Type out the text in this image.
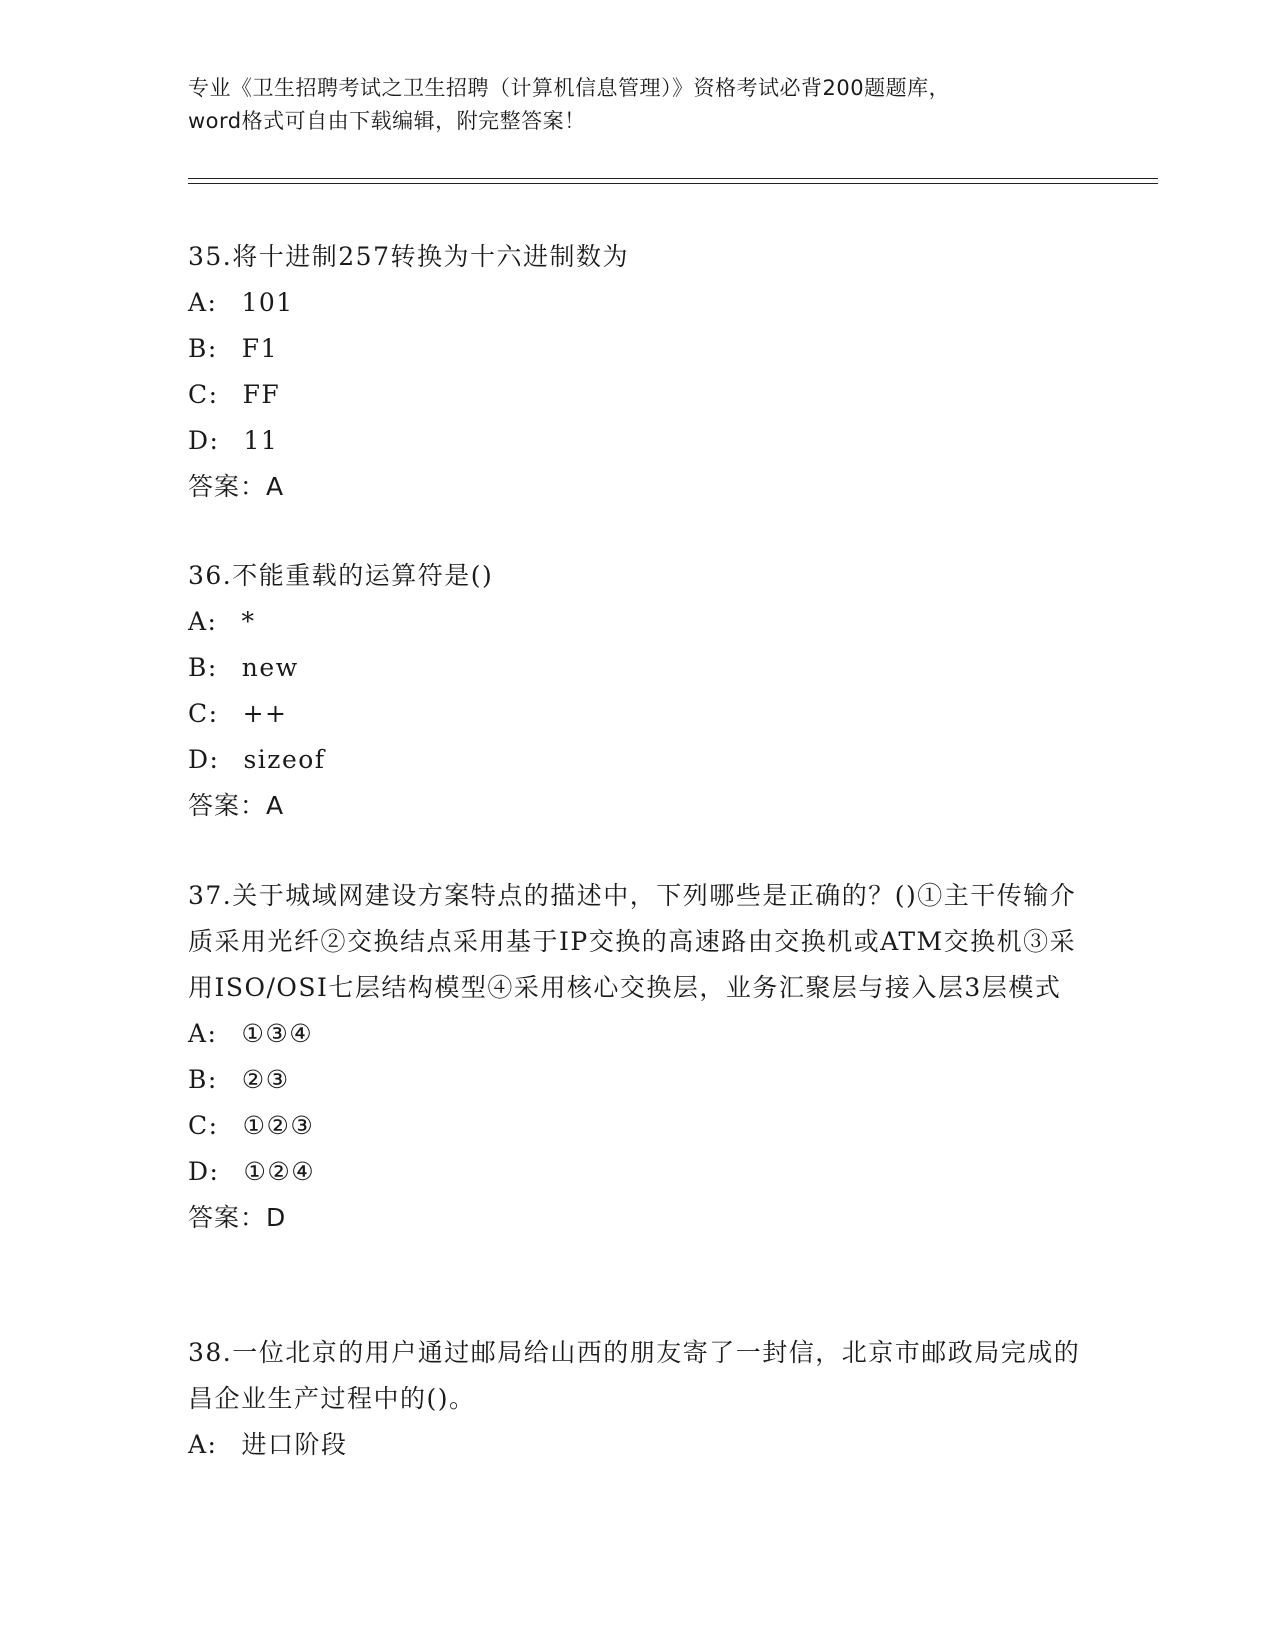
专业《卫生招聘考试之卫生招聘（计算机信息管理）》资格考试必背200题题库，
word格式可自由下载编辑，附完整答案！

35.将十进制257转换为十六进制数为

A: 101
B: F1
C: FF
D: 11
答案：A

36.不能重载的运算符是()

A: *
B: new
C: ++
D: sizeof
答案：A

37.关于城域网建设方案特点的描述中，下列哪些是正确的？()①主干传输介质采用光纤②交换结点采用基于IP交换的高速路由交换机或ATM交换机③采用ISO/OSI七层结构模型④采用核心交换层，业务汇聚层与接入层3层模式

A: ①③④
B: ②③
C: ①②③
D: ①②④
答案：D

38.一位北京的用户通过邮局给山西的朋友寄了一封信，北京市邮政局完成的昌企业生产过程中的()。

A: 进口阶段
